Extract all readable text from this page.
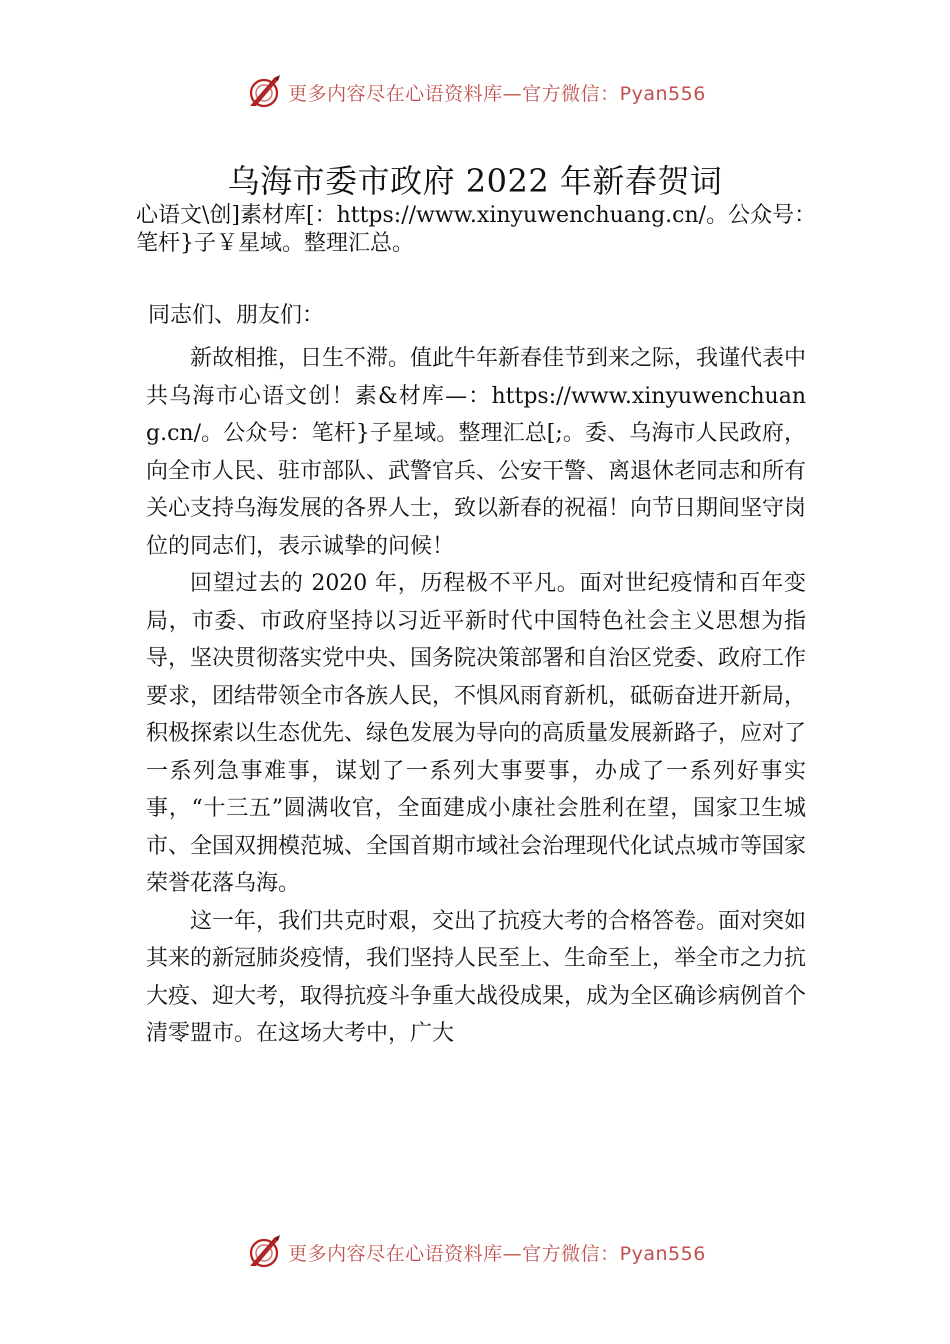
更多内容尽在心语资料库—官方微信：Pyan556
乌海市委市政府 2022 年新春贺词
心语文\创]素材库[：https://www.xinyuwenchuang.cn/。公众号：笔杆}子￥星域。整理汇总。
同志们、朋友们：

新故相推，日生不滞。值此牛年新春佳节到来之际，我谨代表中共乌海市心语文创！素&材库—：https://www.xinyuwenchuang.cn/。公众号：笔杆}子星域。整理汇总[;。委、乌海市人民政府，向全市人民、驻市部队、武警官兵、公安干警、离退休老同志和所有关心支持乌海发展的各界人士，致以新春的祝福！向节日期间坚守岗位的同志们，表示诚挚的问候！

回望过去的 2020 年，历程极不平凡。面对世纪疫情和百年变局，市委、市政府坚持以习近平新时代中国特色社会主义思想为指导，坚决贯彻落实党中央、国务院决策部署和自治区党委、政府工作要求，团结带领全市各族人民，不惧风雨育新机，砥砺奋进开新局，积极探索以生态优先、绿色发展为导向的高质量发展新路子，应对了一系列急事难事，谋划了一系列大事要事，办成了一系列好事实事，“十三五”圆满收官，全面建成小康社会胜利在望，国家卫生城市、全国双拥模范城、全国首期市域社会治理现代化试点城市等国家荣誉花落乌海。

这一年，我们共克时艰，交出了抗疫大考的合格答卷。面对突如其来的新冠肺炎疫情，我们坚持人民至上、生命至上，举全市之力抗大疫、迎大考，取得抗疫斗争重大战役成果，成为全区确诊病例首个清零盟市。在这场大考中，广大

更多内容尽在心语资料库—官方微信：Pyan556
